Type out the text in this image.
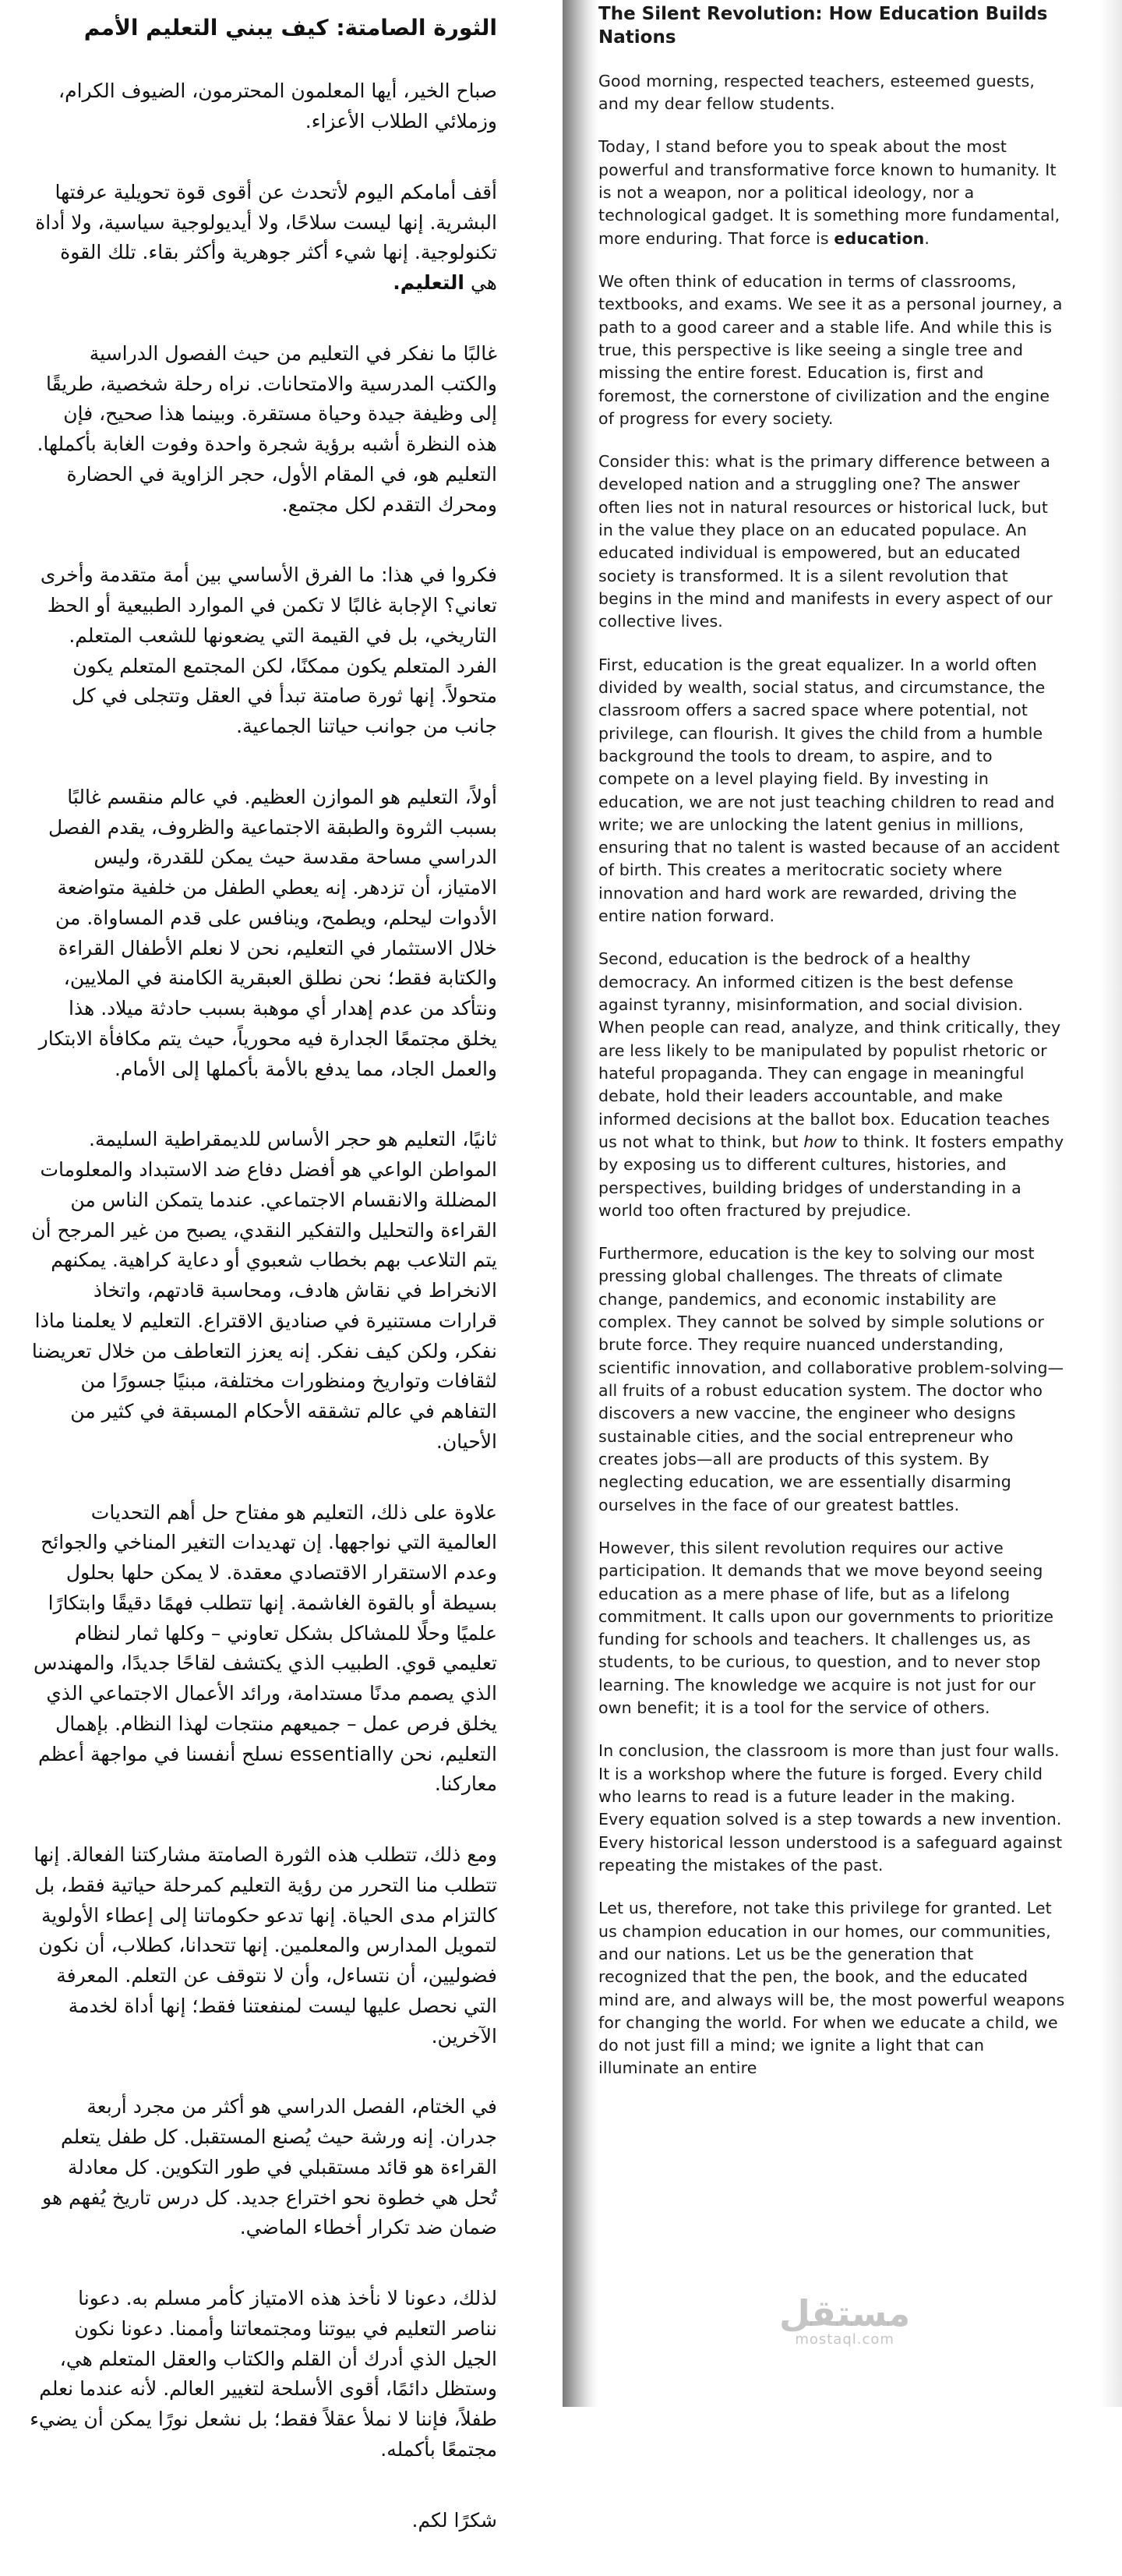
الثورة الصامتة: كيف يبني التعليم الأمم

صباح الخير، أيها المعلمون المحترمون، الضيوف الكرام، وزملائي الطلاب الأعزاء.

أقف أمامكم اليوم لأتحدث عن أقوى قوة تحويلية عرفتها البشرية. إنها ليست سلاحًا، ولا أيديولوجية سياسية، ولا أداة تكنولوجية. إنها شيء أكثر جوهرية وأكثر بقاء. تلك القوة هي التعليم.

غالبًا ما نفكر في التعليم من حيث الفصول الدراسية والكتب المدرسية والامتحانات. نراه رحلة شخصية، طريقًا إلى وظيفة جيدة وحياة مستقرة. وبينما هذا صحيح، فإن هذه النظرة أشبه برؤية شجرة واحدة وفوت الغابة بأكملها. التعليم هو، في المقام الأول، حجر الزاوية في الحضارة ومحرك التقدم لكل مجتمع.

فكروا في هذا: ما الفرق الأساسي بين أمة متقدمة وأخرى تعاني؟ الإجابة غالبًا لا تكمن في الموارد الطبيعية أو الحظ التاريخي، بل في القيمة التي يضعونها للشعب المتعلم. الفرد المتعلم يكون ممكنًا، لكن المجتمع المتعلم يكون متحولاً. إنها ثورة صامتة تبدأ في العقل وتتجلى في كل جانب من جوانب حياتنا الجماعية.

أولاً، التعليم هو الموازن العظيم. في عالم منقسم غالبًا بسبب الثروة والطبقة الاجتماعية والظروف، يقدم الفصل الدراسي مساحة مقدسة حيث يمكن للقدرة، وليس الامتياز، أن تزدهر. إنه يعطي الطفل من خلفية متواضعة الأدوات ليحلم، ويطمح، وينافس على قدم المساواة. من خلال الاستثمار في التعليم، نحن لا نعلم الأطفال القراءة والكتابة فقط؛ نحن نطلق العبقرية الكامنة في الملايين، ونتأكد من عدم إهدار أي موهبة بسبب حادثة ميلاد. هذا يخلق مجتمعًا الجدارة فيه محورياً، حيث يتم مكافأة الابتكار والعمل الجاد، مما يدفع بالأمة بأكملها إلى الأمام.

ثانيًا، التعليم هو حجر الأساس للديمقراطية السليمة. المواطن الواعي هو أفضل دفاع ضد الاستبداد والمعلومات المضللة والانقسام الاجتماعي. عندما يتمكن الناس من القراءة والتحليل والتفكير النقدي، يصبح من غير المرجح أن يتم التلاعب بهم بخطاب شعبوي أو دعاية كراهية. يمكنهم الانخراط في نقاش هادف، ومحاسبة قادتهم، واتخاذ قرارات مستنيرة في صناديق الاقتراع. التعليم لا يعلمنا ماذا نفكر، ولكن كيف نفكر. إنه يعزز التعاطف من خلال تعريضنا لثقافات وتواريخ ومنظورات مختلفة، مبنيًا جسورًا من التفاهم في عالم تشققه الأحكام المسبقة في كثير من الأحيان.

علاوة على ذلك، التعليم هو مفتاح حل أهم التحديات العالمية التي نواجهها. إن تهديدات التغير المناخي والجوائح وعدم الاستقرار الاقتصادي معقدة. لا يمكن حلها بحلول بسيطة أو بالقوة الغاشمة. إنها تتطلب فهمًا دقيقًا وابتكارًا علميًا وحلًا للمشاكل بشكل تعاوني – وكلها ثمار لنظام تعليمي قوي. الطبيب الذي يكتشف لقاحًا جديدًا، والمهندس الذي يصمم مدنًا مستدامة، ورائد الأعمال الاجتماعي الذي يخلق فرص عمل – جميعهم منتجات لهذا النظام. بإهمال التعليم، نحن essentially نسلح أنفسنا في مواجهة أعظم معاركنا.

ومع ذلك، تتطلب هذه الثورة الصامتة مشاركتنا الفعالة. إنها تتطلب منا التحرر من رؤية التعليم كمرحلة حياتية فقط، بل كالتزام مدى الحياة. إنها تدعو حكوماتنا إلى إعطاء الأولوية لتمويل المدارس والمعلمين. إنها تتحدانا، كطلاب، أن نكون فضوليين، أن نتساءل، وأن لا نتوقف عن التعلم. المعرفة التي نحصل عليها ليست لمنفعتنا فقط؛ إنها أداة لخدمة الآخرين.

في الختام، الفصل الدراسي هو أكثر من مجرد أربعة جدران. إنه ورشة حيث يُصنع المستقبل. كل طفل يتعلم القراءة هو قائد مستقبلي في طور التكوين. كل معادلة تُحل هي خطوة نحو اختراع جديد. كل درس تاريخ يُفهم هو ضمان ضد تكرار أخطاء الماضي.

لذلك، دعونا لا نأخذ هذه الامتياز كأمر مسلم به. دعونا نناصر التعليم في بيوتنا ومجتمعاتنا وأممنا. دعونا نكون الجيل الذي أدرك أن القلم والكتاب والعقل المتعلم هي، وستظل دائمًا، أقوى الأسلحة لتغيير العالم. لأنه عندما نعلم طفلاً، فإننا لا نملأ عقلاً فقط؛ بل نشعل نورًا يمكن أن يضيء مجتمعًا بأكمله.

شكرًا لكم.

The Silent Revolution: How Education Builds Nations

Good morning, respected teachers, esteemed guests, and my dear fellow students.

Today, I stand before you to speak about the most powerful and transformative force known to humanity. It is not a weapon, nor a political ideology, nor a technological gadget. It is something more fundamental, more enduring. That force is education.

We often think of education in terms of classrooms, textbooks, and exams. We see it as a personal journey, a path to a good career and a stable life. And while this is true, this perspective is like seeing a single tree and missing the entire forest. Education is, first and foremost, the cornerstone of civilization and the engine of progress for every society.

Consider this: what is the primary difference between a developed nation and a struggling one? The answer often lies not in natural resources or historical luck, but in the value they place on an educated populace. An educated individual is empowered, but an educated society is transformed. It is a silent revolution that begins in the mind and manifests in every aspect of our collective lives.

First, education is the great equalizer. In a world often divided by wealth, social status, and circumstance, the classroom offers a sacred space where potential, not privilege, can flourish. It gives the child from a humble background the tools to dream, to aspire, and to compete on a level playing field. By investing in education, we are not just teaching children to read and write; we are unlocking the latent genius in millions, ensuring that no talent is wasted because of an accident of birth. This creates a meritocratic society where innovation and hard work are rewarded, driving the entire nation forward.

Second, education is the bedrock of a healthy democracy. An informed citizen is the best defense against tyranny, misinformation, and social division. When people can read, analyze, and think critically, they are less likely to be manipulated by populist rhetoric or hateful propaganda. They can engage in meaningful debate, hold their leaders accountable, and make informed decisions at the ballot box. Education teaches us not what to think, but how to think. It fosters empathy by exposing us to different cultures, histories, and perspectives, building bridges of understanding in a world too often fractured by prejudice.

Furthermore, education is the key to solving our most pressing global challenges. The threats of climate change, pandemics, and economic instability are complex. They cannot be solved by simple solutions or brute force. They require nuanced understanding, scientific innovation, and collaborative problem-solving—all fruits of a robust education system. The doctor who discovers a new vaccine, the engineer who designs sustainable cities, and the social entrepreneur who creates jobs—all are products of this system. By neglecting education, we are essentially disarming ourselves in the face of our greatest battles.

However, this silent revolution requires our active participation. It demands that we move beyond seeing education as a mere phase of life, but as a lifelong commitment. It calls upon our governments to prioritize funding for schools and teachers. It challenges us, as students, to be curious, to question, and to never stop learning. The knowledge we acquire is not just for our own benefit; it is a tool for the service of others.

In conclusion, the classroom is more than just four walls. It is a workshop where the future is forged. Every child who learns to read is a future leader in the making. Every equation solved is a step towards a new invention. Every historical lesson understood is a safeguard against repeating the mistakes of the past.

Let us, therefore, not take this privilege for granted. Let us champion education in our homes, our communities, and our nations. Let us be the generation that recognized that the pen, the book, and the educated mind are, and always will be, the most powerful weapons for changing the world. For when we educate a child, we do not just fill a mind; we ignite a light that can illuminate an entire

مستقل
mostaql.com
